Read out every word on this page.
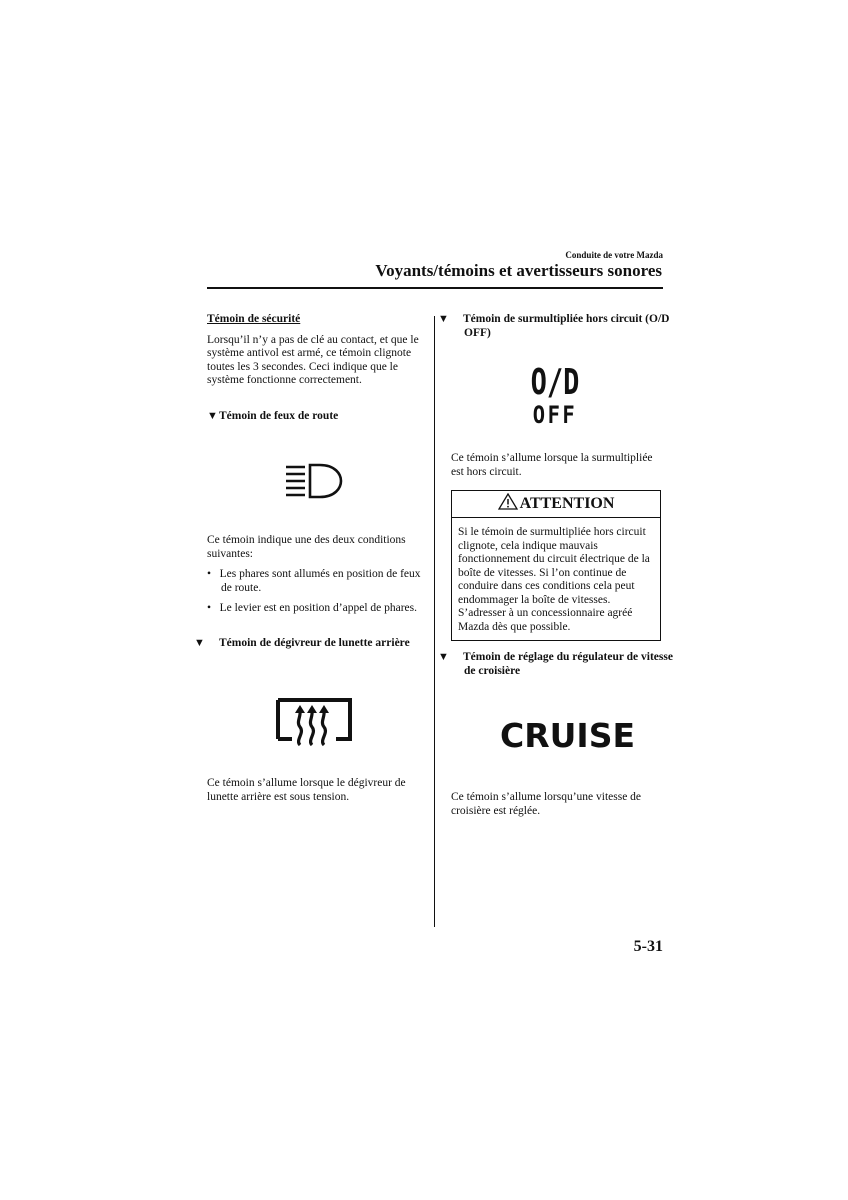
Conduite de votre Mazda
Voyants/témoins et avertisseurs sonores
Témoin de sécurité
Lorsqu’il n’y a pas de clé au contact, et que le système antivol est armé, ce témoin clignote toutes les 3 secondes. Ceci indique que le système fonctionne correctement.
▼Témoin de feux de route
Ce témoin indique une des deux conditions suivantes:
•   Les phares sont allumés en position de feux de route.
•   Le levier est en position d’appel de phares.
▼ Témoin de dégivreur de lunette arrière
Ce témoin s’allume lorsque le dégivreur de lunette arrière est sous tension.
▼ Témoin de surmultipliée hors circuit (O/D OFF)
O/D
OFF
Ce témoin s’allume lorsque la surmultipliée est hors circuit.
ATTENTION
Si le témoin de surmultipliée hors circuit clignote, cela indique mauvais fonctionnement du circuit électrique de la boîte de vitesses. Si l’on continue de conduire dans ces conditions cela peut endommager la boîte de vitesses. S’adresser à un concessionnaire agréé Mazda dès que possible.
▼ Témoin de réglage du régulateur de vitesse de croisière
CRUISE
Ce témoin s’allume lorsqu’une vitesse de croisière est réglée.
5-31
